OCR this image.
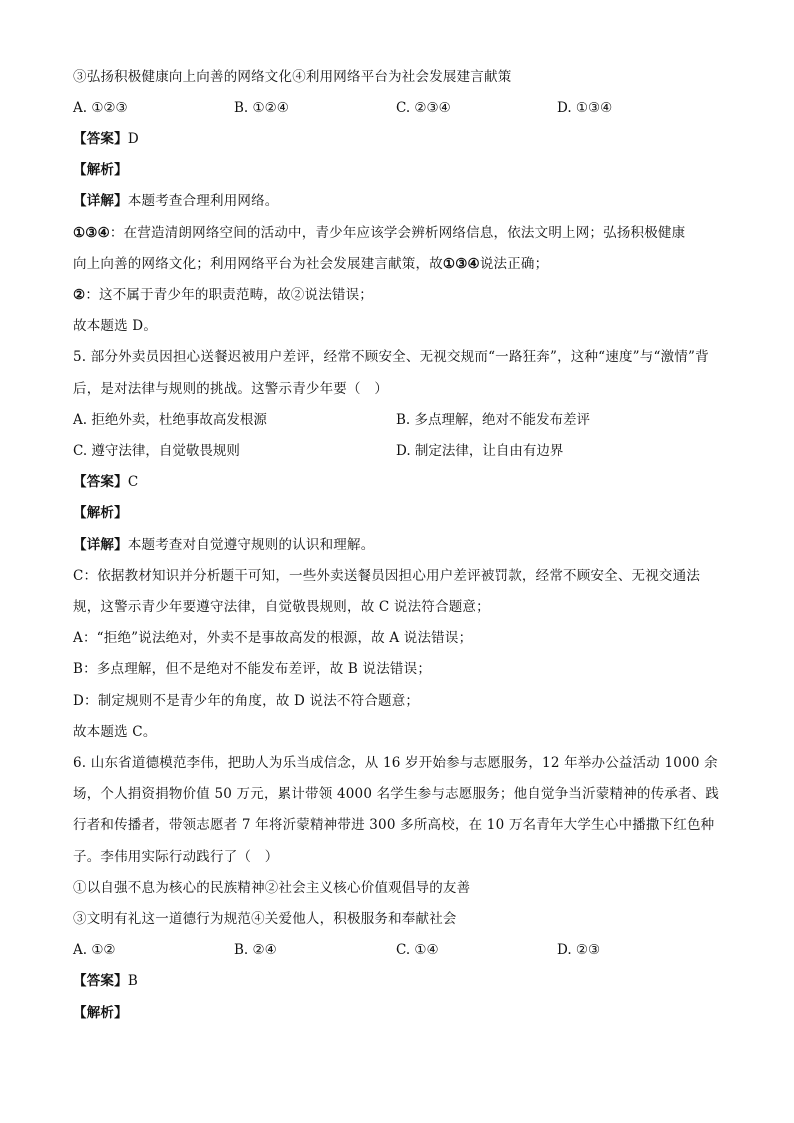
③弘扬积极健康向上向善的网络文化④利用网络平台为社会发展建言献策
A. ①②③	B. ①②④	C. ②③④	D. ①③④
【答案】D
【解析】
【详解】本题考查合理利用网络。
①③④：在营造清朗网络空间的活动中，青少年应该学会辨析网络信息，依法文明上网；弘扬积极健康
向上向善的网络文化；利用网络平台为社会发展建言献策，故①③④说法正确；
②：这不属于青少年的职责范畴，故②说法错误；
故本题选 D。
5. 部分外卖员因担心送餐迟被用户差评，经常不顾安全、无视交规而“一路狂奔”，这种“速度”与“激情”背
后，是对法律与规则的挑战。这警示青少年要（　）
A. 拒绝外卖，杜绝事故高发根源	B. 多点理解，绝对不能发布差评
C. 遵守法律，自觉敬畏规则	D. 制定法律，让自由有边界
【答案】C
【解析】
【详解】本题考查对自觉遵守规则的认识和理解。
C：依据教材知识并分析题干可知，一些外卖送餐员因担心用户差评被罚款，经常不顾安全、无视交通法
规，这警示青少年要遵守法律，自觉敬畏规则，故 C 说法符合题意；
A：“拒绝”说法绝对，外卖不是事故高发的根源，故 A 说法错误；
B：多点理解，但不是绝对不能发布差评，故 B 说法错误；
D：制定规则不是青少年的角度，故 D 说法不符合题意；
故本题选 C。
6. 山东省道德模范李伟，把助人为乐当成信念，从 16 岁开始参与志愿服务，12 年举办公益活动 1000 余
场，个人捐资捐物价值 50 万元，累计带领 4000 名学生参与志愿服务；他自觉争当沂蒙精神的传承者、践
行者和传播者，带领志愿者 7 年将沂蒙精神带进 300 多所高校，在 10 万名青年大学生心中播撒下红色种
子。李伟用实际行动践行了（　）
①以自强不息为核心的民族精神②社会主义核心价值观倡导的友善
③文明有礼这一道德行为规范④关爱他人，积极服务和奉献社会
A. ①②	B. ②④	C. ①④	D. ②③
【答案】B
【解析】
